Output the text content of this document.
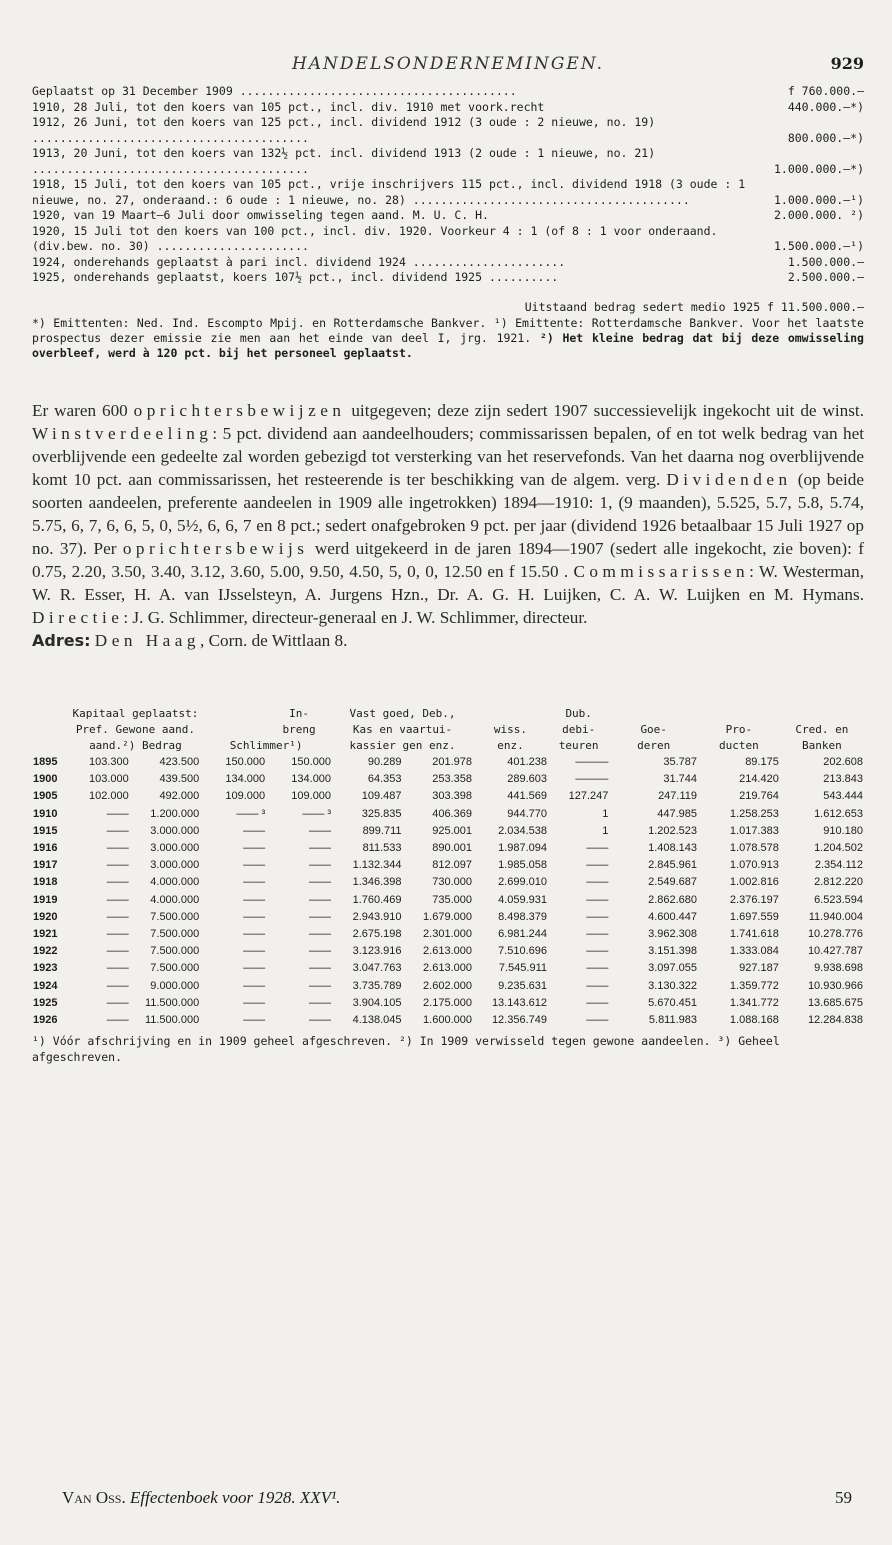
HANDELSONDERNEMINGEN.	929
Geplaatst op 31 December 1909 ........................................	f 760.000.—
1910, 28 Juli, tot den koers van 105 pct., incl. div. 1910 met voork.recht	440.000.—*)
1912, 26 Juni, tot den koers van 125 pct., incl. dividend 1912 (3 oude : 2 nieuwe, no. 19) ........................................	800.000.—*)
1913, 20 Juni, tot den koers van 132½ pct. incl. dividend 1913 (2 oude : 1 nieuwe, no. 21) ........................................	1.000.000.—*)
1918, 15 Juli, tot den koers van 105 pct., vrije inschrijvers 115 pct., incl. dividend 1918 (3 oude : 1 nieuwe, no. 27, onderaand.: 6 oude : 1 nieuwe, no. 28) ........................................	1.000.000.—¹)
1920, van 19 Maart—6 Juli door omwisseling tegen aand. M. U. C. H.	2.000.000. ²)
1920, 15 Juli tot den koers van 100 pct., incl. div. 1920. Voorkeur 4 : 1 (of 8 : 1 voor onderaand. (div.bew. no. 30) ......................	1.500.000.—¹)
1924, onderehands geplaatst à pari incl. dividend 1924 ......................	1.500.000.—
1925, onderehands geplaatst, koers 107½ pct., incl. dividend 1925 ..........	2.500.000.—
Uitstaand bedrag sedert medio 1925 f 11.500.000.—
*) Emittenten: Ned. Ind. Escompto Mpij. en Rotterdamsche Bankver. ¹) Emittente: Rotterdamsche Bankver. Voor het laatste prospectus dezer emissie zie men aan het einde van deel I, jrg. 1921. ²) Het kleine bedrag dat bij deze omwisseling overbleef, werd à 120 pct. bij het personeel geplaatst.
Er waren 600 oprichtersbewijzen uitgegeven; deze zijn sedert 1907 successievelijk ingekocht uit de winst. Winstverdeeling: 5 pct. dividend aan aandeelhouders; commissarissen bepalen, of en tot welk bedrag van het overblijvende een gedeelte zal worden gebezigd tot versterking van het reservefonds. Van het daarna nog overblijvende komt 10 pct. aan commissarissen, het resteerende is ter beschikking van de algem. verg. Dividenden (op beide soorten aandeelen, preferente aandeelen in 1909 alle ingetrokken) 1894—1910: 1, (9 maanden), 5.525, 5.7, 5.8, 5.74, 5.75, 6, 7, 6, 6, 5, 0, 5½, 6, 6, 7 en 8 pct.; sedert onafgebroken 9 pct. per jaar (dividend 1926 betaalbaar 15 Juli 1927 op no. 37). Per oprichtersbewijs werd uitgekeerd in de jaren 1894—1907 (sedert alle ingekocht, zie boven): f 0.75, 2.20, 3.50, 3.40, 3.12, 3.60, 5.00, 9.50, 4.50, 5, 0, 0, 12.50 en f 15.50 . Commissarissen: W. Westerman, W. R. Esser, H. A. van IJsselsteyn, A. Jurgens Hzn., Dr. A. G. H. Luijken, C. A. W. Luijken en M. Hymans. Directie: J. G. Schlimmer, directeur-generaal en J. W. Schlimmer, directeur.
Adres: Den Haag, Corn. de Wittlaan 8.
	Kapitaal geplaatst:			In-	Vast goed, Deb.,			Dub.			
	Pref. Gewone aand.			breng	Kas en vaartui-		wiss.	debi-	Goe-	Pro-	Cred. en
	aand.²) Bedrag		Schlimmer¹)		kassier gen enz.		enz.	teuren	deren	ducten	Banken
1895	103.300	423.500	150.000	150.000	90.289	201.978	401.238	———	35.787	89.175	202.608
1900	103.000	439.500	134.000	134.000	64.353	253.358	289.603	———	31.744	214.420	213.843
1905	102.000	492.000	109.000	109.000	109.487	303.398	441.569	127.247	247.119	219.764	543.444
1910	——	1.200.000	—— ³	—— ³	325.835	406.369	944.770	1	447.985	1.258.253	1.612.653
1915	——	3.000.000	——	——	899.711	925.001	2.034.538	1	1.202.523	1.017.383	910.180
1916	——	3.000.000	——	——	811.533	890.001	1.987.094	——	1.408.143	1.078.578	1.204.502
1917	——	3.000.000	——	——	1.132.344	812.097	1.985.058	——	2.845.961	1.070.913	2.354.112
1918	——	4.000.000	——	——	1.346.398	730.000	2.699.010	——	2.549.687	1.002.816	2.812.220
1919	——	4.000.000	——	——	1.760.469	735.000	4.059.931	——	2.862.680	2.376.197	6.523.594
1920	——	7.500.000	——	——	2.943.910	1.679.000	8.498.379	——	4.600.447	1.697.559	11.940.004
1921	——	7.500.000	——	——	2.675.198	2.301.000	6.981.244	——	3.962.308	1.741.618	10.278.776
1922	——	7.500.000	——	——	3.123.916	2.613.000	7.510.696	——	3.151.398	1.333.084	10.427.787
1923	——	7.500.000	——	——	3.047.763	2.613.000	7.545.911	——	3.097.055	927.187	9.938.698
1924	——	9.000.000	——	——	3.735.789	2.602.000	9.235.631	——	3.130.322	1.359.772	10.930.966
1925	——	11.500.000	——	——	3.904.105	2.175.000	13.143.612	——	5.670.451	1.341.772	13.685.675
1926	——	11.500.000	——	——	4.138.045	1.600.000	12.356.749	——	5.811.983	1.088.168	12.284.838
¹) Vóór afschrijving en in 1909 geheel afgeschreven. ²) In 1909 verwisseld tegen gewone aandeelen. ³) Geheel afgeschreven.
Van Oss. Effectenboek voor 1928. XXV¹.	59
